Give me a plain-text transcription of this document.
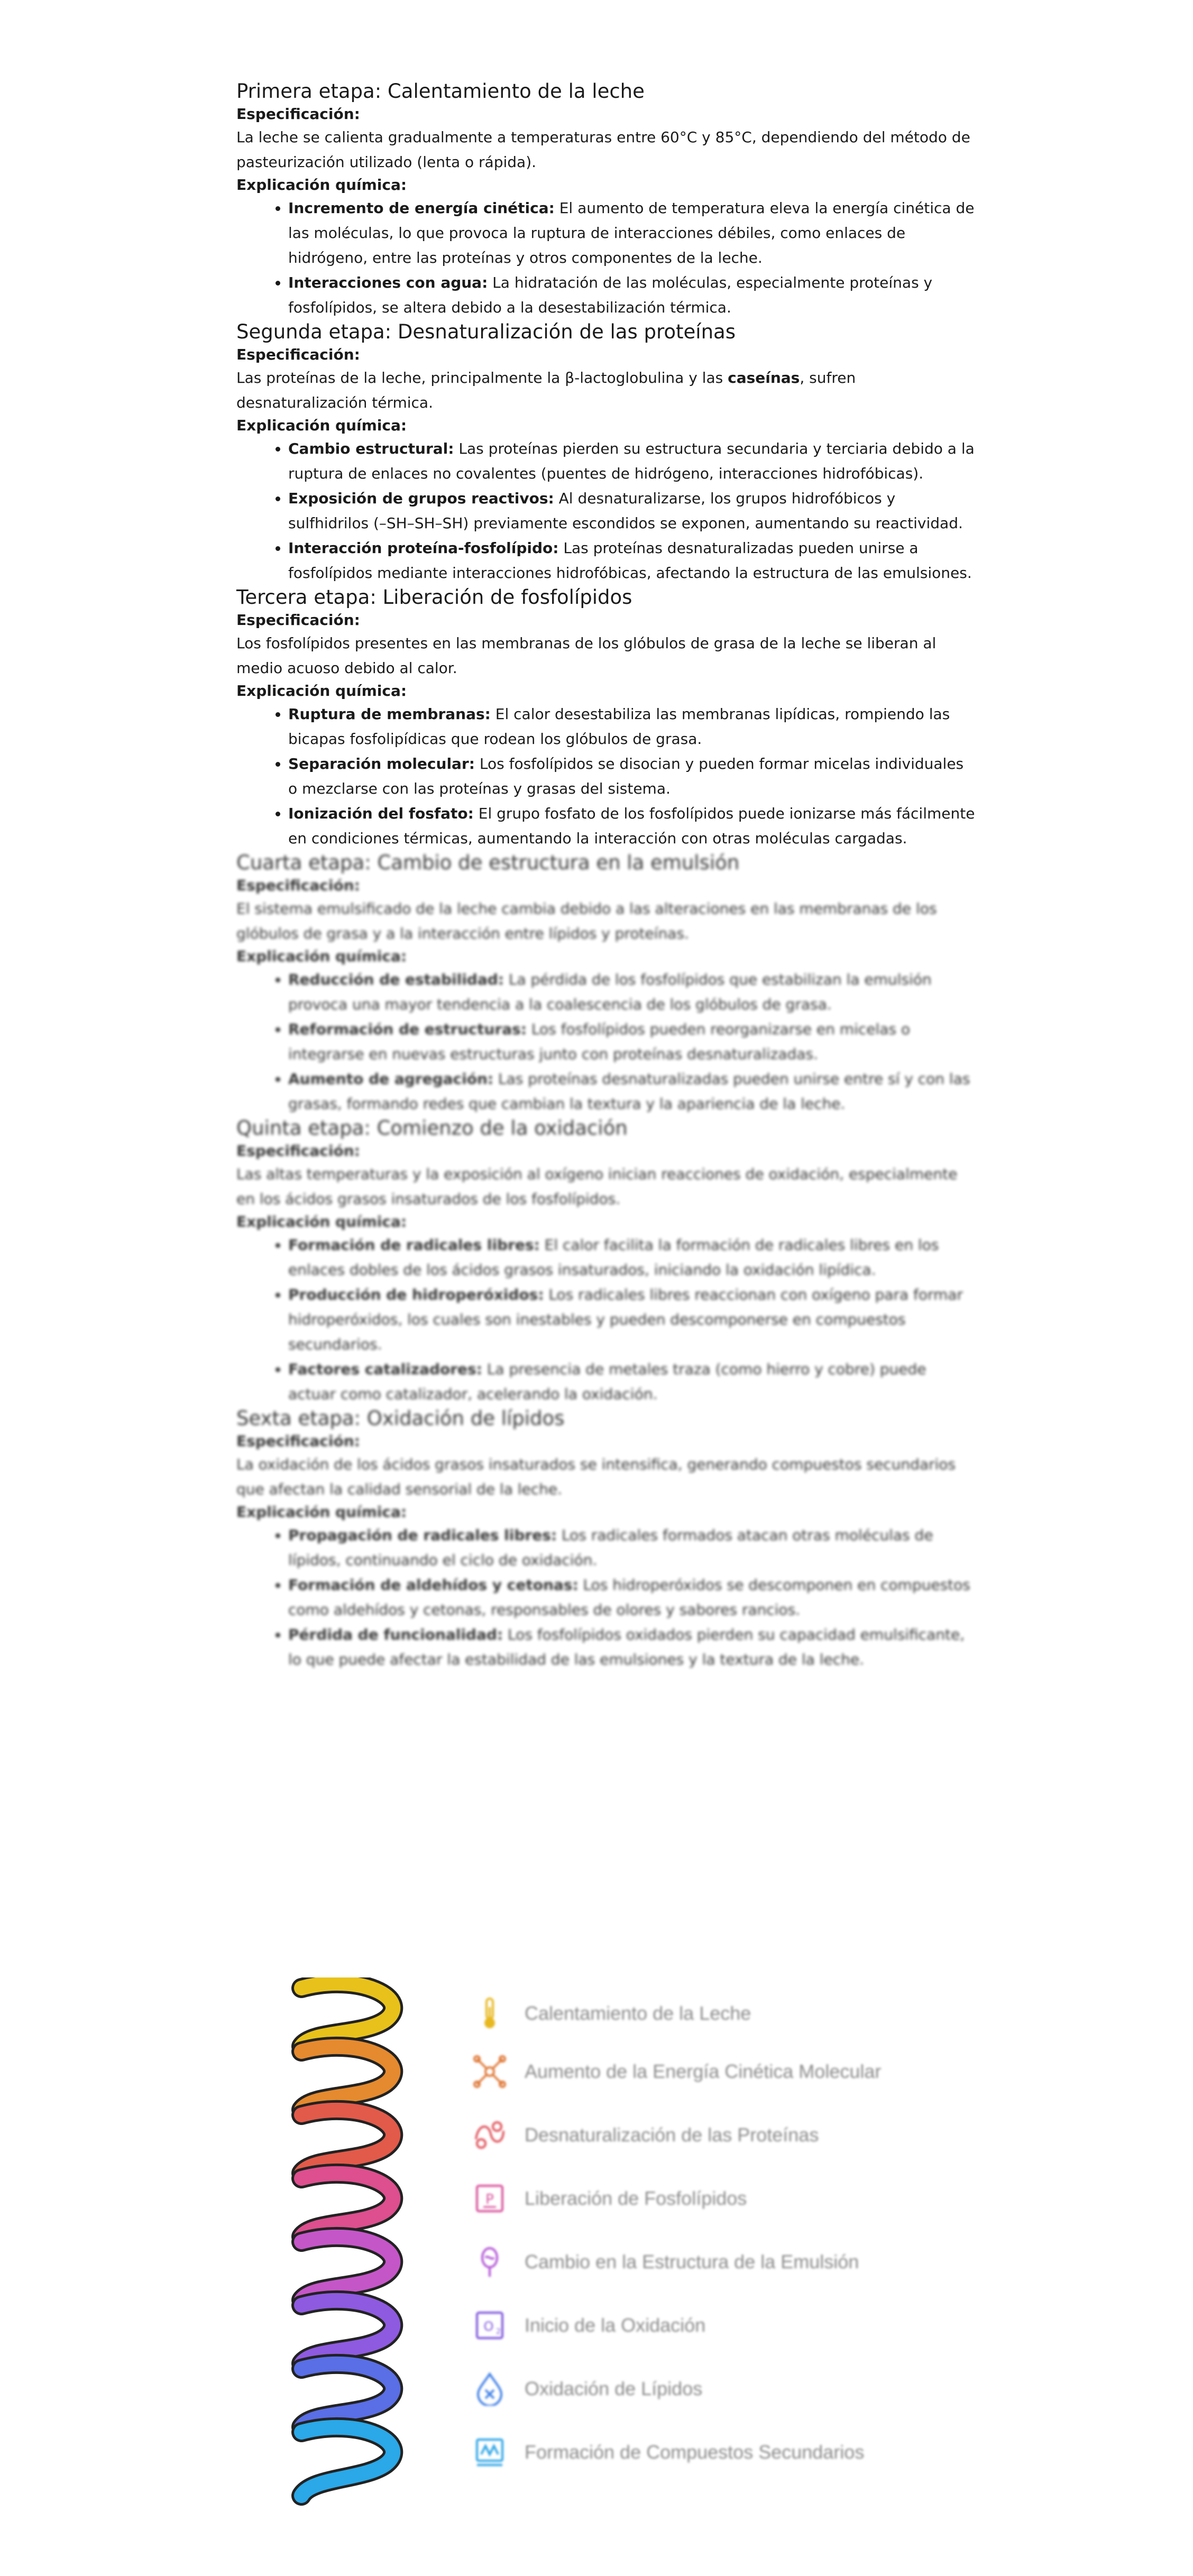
Primera etapa: Calentamiento de la leche

Especificación:

La leche se calienta gradualmente a temperaturas entre 60°C y 85°C, dependiendo del método de pasteurización utilizado (lenta o rápida).

Explicación química:

• Incremento de energía cinética: El aumento de temperatura eleva la energía cinética de las moléculas, lo que provoca la ruptura de interacciones débiles, como enlaces de hidrógeno, entre las proteínas y otros componentes de la leche.
• Interacciones con agua: La hidratación de las moléculas, especialmente proteínas y fosfolípidos, se altera debido a la desestabilización térmica.
Segunda etapa: Desnaturalización de las proteínas

Especificación:

Las proteínas de la leche, principalmente la β-lactoglobulina y las caseínas, sufren desnaturalización térmica.

Explicación química:

• Cambio estructural: Las proteínas pierden su estructura secundaria y terciaria debido a la ruptura de enlaces no covalentes (puentes de hidrógeno, interacciones hidrofóbicas).
• Exposición de grupos reactivos: Al desnaturalizarse, los grupos hidrofóbicos y sulfhidrilos (–SH–SH–SH) previamente escondidos se exponen, aumentando su reactividad.
• Interacción proteína-fosfolípido: Las proteínas desnaturalizadas pueden unirse a fosfolípidos mediante interacciones hidrofóbicas, afectando la estructura de las emulsiones.
Tercera etapa: Liberación de fosfolípidos

Especificación:

Los fosfolípidos presentes en las membranas de los glóbulos de grasa de la leche se liberan al medio acuoso debido al calor.

Explicación química:

• Ruptura de membranas: El calor desestabiliza las membranas lipídicas, rompiendo las bicapas fosfolipídicas que rodean los glóbulos de grasa.
• Separación molecular: Los fosfolípidos se disocian y pueden formar micelas individuales o mezclarse con las proteínas y grasas del sistema.
• Ionización del fosfato: El grupo fosfato de los fosfolípidos puede ionizarse más fácilmente en condiciones térmicas, aumentando la interacción con otras moléculas cargadas.
Cuarta etapa: Cambio de estructura en la emulsión

Especificación:

El sistema emulsificado de la leche cambia debido a las alteraciones en las membranas de los glóbulos de grasa y a la interacción entre lípidos y proteínas.

Explicación química:

• Reducción de estabilidad: La pérdida de los fosfolípidos que estabilizan la emulsión provoca una mayor tendencia a la coalescencia de los glóbulos de grasa.
• Reformación de estructuras: Los fosfolípidos pueden reorganizarse en micelas o integrarse en nuevas estructuras junto con proteínas desnaturalizadas.
• Aumento de agregación: Las proteínas desnaturalizadas pueden unirse entre sí y con las grasas, formando redes que cambian la textura y la apariencia de la leche.
Quinta etapa: Comienzo de la oxidación

Especificación:

Las altas temperaturas y la exposición al oxígeno inician reacciones de oxidación, especialmente en los ácidos grasos insaturados de los fosfolípidos.

Explicación química:

• Formación de radicales libres: El calor facilita la formación de radicales libres en los enlaces dobles de los ácidos grasos insaturados, iniciando la oxidación lipídica.
• Producción de hidroperóxidos: Los radicales libres reaccionan con oxígeno para formar hidroperóxidos, los cuales son inestables y pueden descomponerse en compuestos secundarios.
• Factores catalizadores: La presencia de metales traza (como hierro y cobre) puede actuar como catalizador, acelerando la oxidación.
Sexta etapa: Oxidación de lípidos

Especificación:

La oxidación de los ácidos grasos insaturados se intensifica, generando compuestos secundarios que afectan la calidad sensorial de la leche.

Explicación química:

• Propagación de radicales libres: Los radicales formados atacan otras moléculas de lípidos, continuando el ciclo de oxidación.
• Formación de aldehídos y cetonas: Los hidroperóxidos se descomponen en compuestos como aldehídos y cetonas, responsables de olores y sabores rancios.
• Pérdida de funcionalidad: Los fosfolípidos oxidados pierden su capacidad emulsificante, lo que puede afectar la estabilidad de las emulsiones y la textura de la leche.
Calentamiento de la Leche
Aumento de la Energía Cinética Molecular
Desnaturalización de las Proteínas
P Liberación de Fosfolípidos
Cambio en la Estructura de la Emulsión
O 2 Inicio de la Oxidación
Oxidación de Lípidos
Formación de Compuestos Secundarios
